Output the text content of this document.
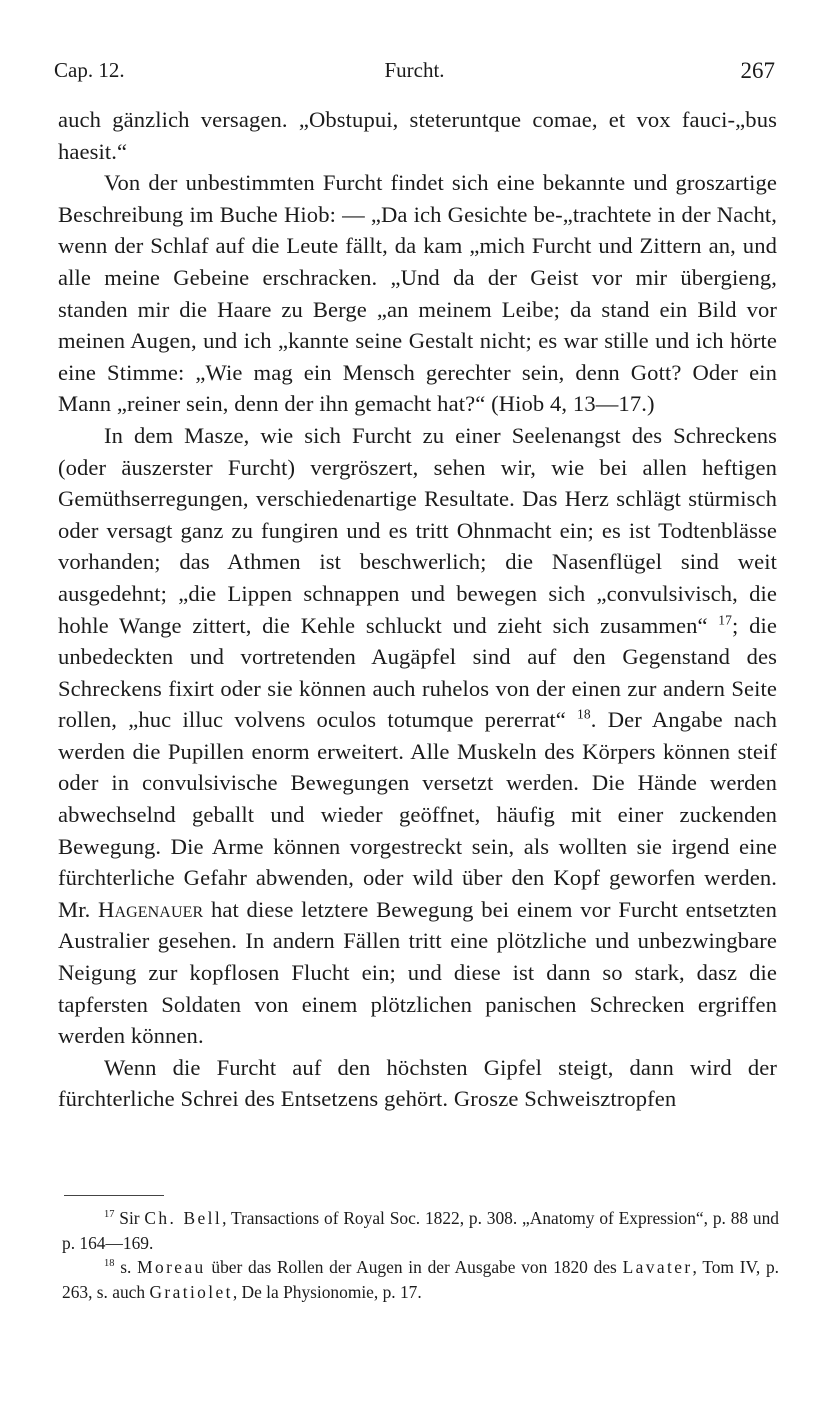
Cap. 12.	Furcht.	267

auch gänzlich versagen. „Obstupui, steteruntque comae, et vox fauci-„bus haesit.“

Von der unbestimmten Furcht findet sich eine bekannte und groszartige Beschreibung im Buche Hiob: — „Da ich Gesichte be-„trachtete in der Nacht, wenn der Schlaf auf die Leute fällt, da kam „mich Furcht und Zittern an, und alle meine Gebeine erschracken. „Und da der Geist vor mir übergieng, standen mir die Haare zu Berge „an meinem Leibe; da stand ein Bild vor meinen Augen, und ich „kannte seine Gestalt nicht; es war stille und ich hörte eine Stimme: „Wie mag ein Mensch gerechter sein, denn Gott? Oder ein Mann „reiner sein, denn der ihn gemacht hat?“ (Hiob 4, 13—17.)

In dem Masze, wie sich Furcht zu einer Seelenangst des Schreckens (oder äuszerster Furcht) vergröszert, sehen wir, wie bei allen heftigen Gemüthserregungen, verschiedenartige Resultate. Das Herz schlägt stürmisch oder versagt ganz zu fungiren und es tritt Ohnmacht ein; es ist Todtenblässe vorhanden; das Athmen ist beschwerlich; die Nasenflügel sind weit ausgedehnt; „die Lippen schnappen und bewegen sich „convulsivisch, die hohle Wange zittert, die Kehle schluckt und zieht sich zusammen“ $^{17}$; die unbedeckten und vortretenden Augäpfel sind auf den Gegenstand des Schreckens fixirt oder sie können auch ruhelos von der einen zur andern Seite rollen, „huc illuc volvens oculos totumque pererrat“ $^{18}$. Der Angabe nach werden die Pupillen enorm erweitert. Alle Muskeln des Körpers können steif oder in convulsivische Bewegungen versetzt werden. Die Hände werden abwechselnd geballt und wieder geöffnet, häufig mit einer zuckenden Bewegung. Die Arme können vorgestreckt sein, als wollten sie irgend eine fürchterliche Gefahr abwenden, oder wild über den Kopf geworfen werden. Mr. Hagenauer hat diese letztere Bewegung bei einem vor Furcht entsetzten Australier gesehen. In andern Fällen tritt eine plötzliche und unbezwingbare Neigung zur kopflosen Flucht ein; und diese ist dann so stark, dasz die tapfersten Soldaten von einem plötzlichen panischen Schrecken ergriffen werden können.

Wenn die Furcht auf den höchsten Gipfel steigt, dann wird der fürchterliche Schrei des Entsetzens gehört. Grosze Schweisztropfen

$^{17}$ Sir Ch. Bell, Transactions of Royal Soc. 1822, p. 308. „Anatomy of Expression“, p. 88 und p. 164—169.

$^{18}$ s. Moreau über das Rollen der Augen in der Ausgabe von 1820 des Lavater, Tom IV, p. 263, s. auch Gratiolet, De la Physionomie, p. 17.
